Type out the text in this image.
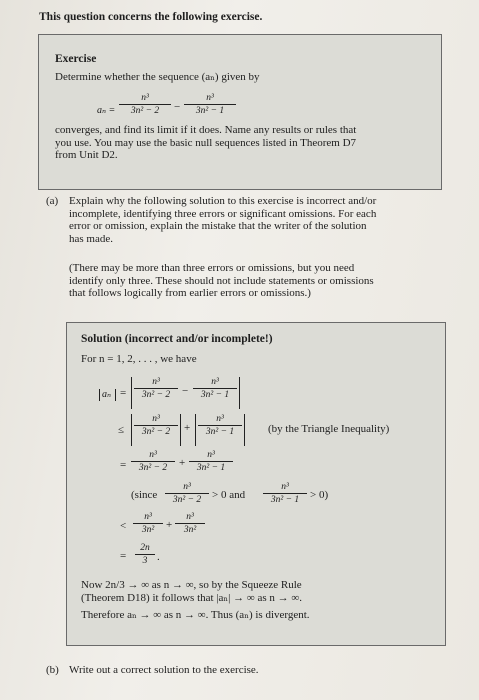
This question concerns the following exercise.
Exercise
Determine whether the sequence (aₙ) given by
$a_n = \frac{\text{n³}}{\text{3n² − 2}} - \frac{\text{n³}}{\text{3n² − 1}}$
converges, and find its limit if it does. Name any results or rules that
you use. You may use the basic null sequences listed in Theorem D7
from Unit D2.
(a) Explain why the following solution to this exercise is incorrect and/or
incomplete, identifying three errors or significant omissions. For each
error or omission, explain the mistake that the writer of the solution
has made.
(There may be more than three errors or omissions, but you need
identify only three. These should not include statements or omissions
that follows logically from earlier errors or omissions.)
Solution (incorrect and/or incomplete!)
For n = 1, 2, . . . , we have
$a_n = \frac{\text{n³}}{\text{3n² − 2}} - \frac{\text{n³}}{\text{3n² − 1}}$
≤ $\frac{\text{n³}}{\text{3n² − 2}} + \frac{\text{n³}}{\text{3n² − 1}} (by$ the Triangle Inequality)
= $\frac{\text{n³}}{\text{3n² − 2}} + \frac{\text{n³}}{\text{3n² − 1}}$
(since $\frac{\text{n³}}{\text{3n² − 2}} > 0$ and $\frac{\text{n³}}{\text{3n² − 1}} > 0$)
< $\frac{\text{n³}}{\text{3n²}} + \frac{\text{n³}}{\text{3n²}}$
= $\frac{2n}{3}$ .
Now 2n/3 → ∞ as n → ∞, so by the Squeeze Rule
(Theorem D18) it follows that |aₙ| → ∞ as n → ∞.
Therefore aₙ → ∞ as n → ∞. Thus (aₙ) is divergent.
(b) Write out a correct solution to the exercise.
